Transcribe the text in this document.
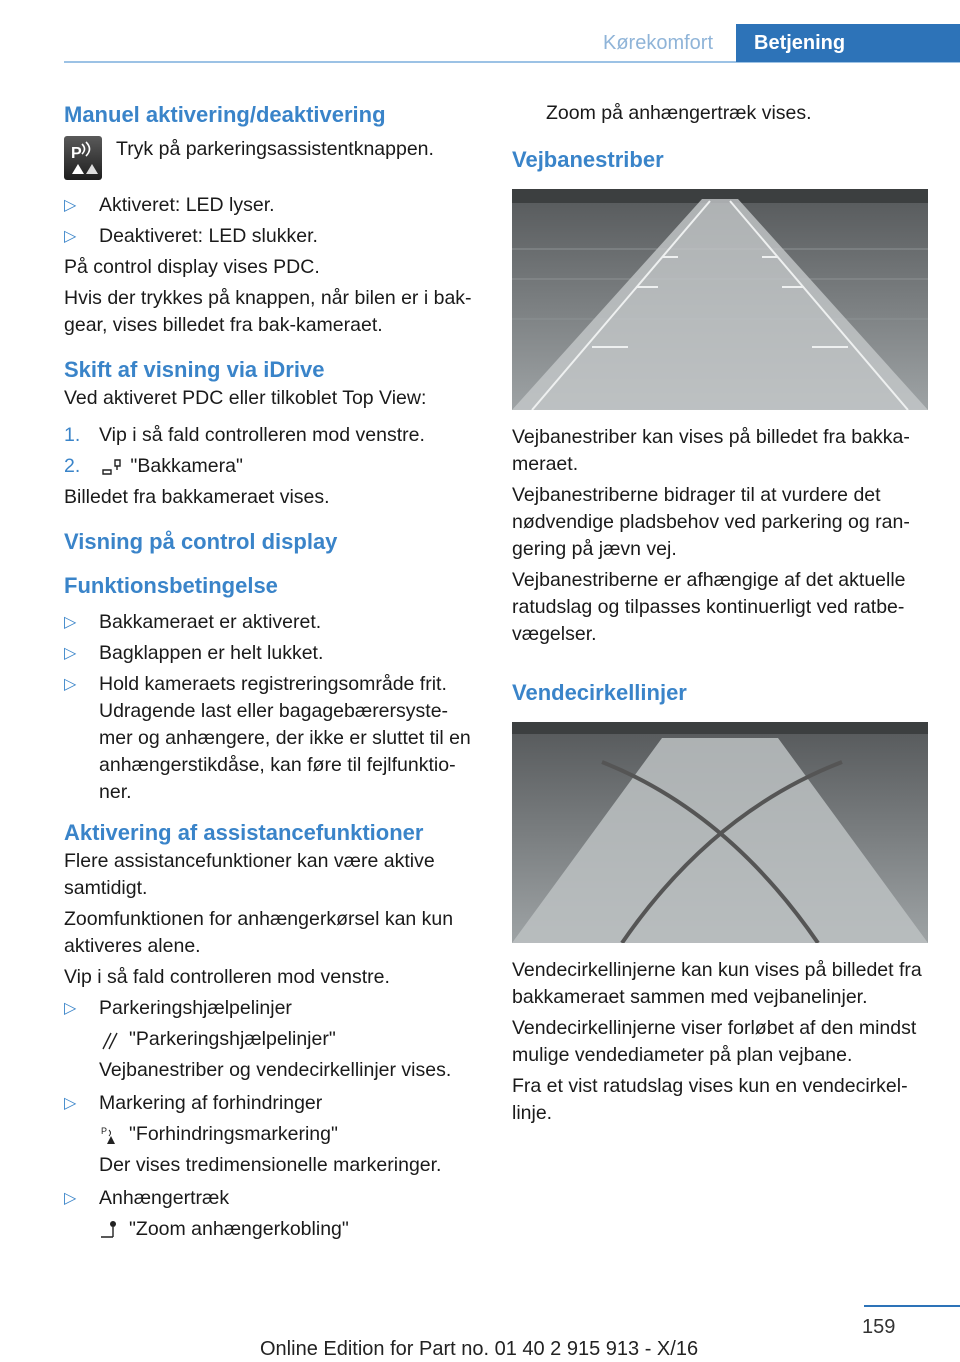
Kørekomfort	Betjening
Manuel aktivering/deaktivering
P Tryk på parkeringsassistentknappen.

▷ Aktiveret: LED lyser.
▷ Deaktiveret: LED slukker.

På control display vises PDC.

Hvis der trykkes på knappen, når bilen er i bak-gear, vises billedet fra bak-kameraet.

Skift af visning via iDrive

Ved aktiveret PDC eller tilkoblet Top View:

1. Vip i så fald controlleren mod venstre.
2.	"Bakkamera"

Billedet fra bakkameraet vises.

Visning på control display
Funktionsbetingelse
▷ Bakkameraet er aktiveret.
▷ Bagklappen er helt lukket.
▷ Hold kameraets registreringsområde frit. Udragende last eller bagagebærersyste-mer og anhængere, der ikke er sluttet til en anhængerstikdåse, kan føre til fejlfunktio-ner.
Aktivering af assistancefunktioner

Flere assistancefunktioner kan være aktive samtidigt.

Zoomfunktionen for anhængerkørsel kan kun aktiveres alene.

Vip i så fald controlleren mod venstre.

▷ Parkeringshjælpelinjer
"Parkeringshjælpelinjer"
Vejbanestriber og vendecirkellinjer vises.
▷ Markering af forhindringer
P "Forhindringsmarkering"
Der vises tredimensionelle markeringer.
▷ Anhængertræk
"Zoom anhængerkobling"

Zoom på anhængertræk vises.

Vejbanestriber

Vejbanestriber kan vises på billedet fra bakka-meraet.

Vejbanestriberne bidrager til at vurdere det nødvendige pladsbehov ved parkering og ran-gering på jævn vej.

Vejbanestriberne er afhængige af det aktuelle ratudslag og tilpasses kontinuerligt ved ratbe-vægelser.

Vendecirkellinjer

Vendecirkellinjerne kan kun vises på billedet fra bakkameraet sammen med vejbanelinjer.

Vendecirkellinjerne viser forløbet af den mindst mulige vendediameter på plan vejbane.

Fra et vist ratudslag vises kun en vendecirkel-linje.

159
Online Edition for Part no. 01 40 2 915 913 - X/16
